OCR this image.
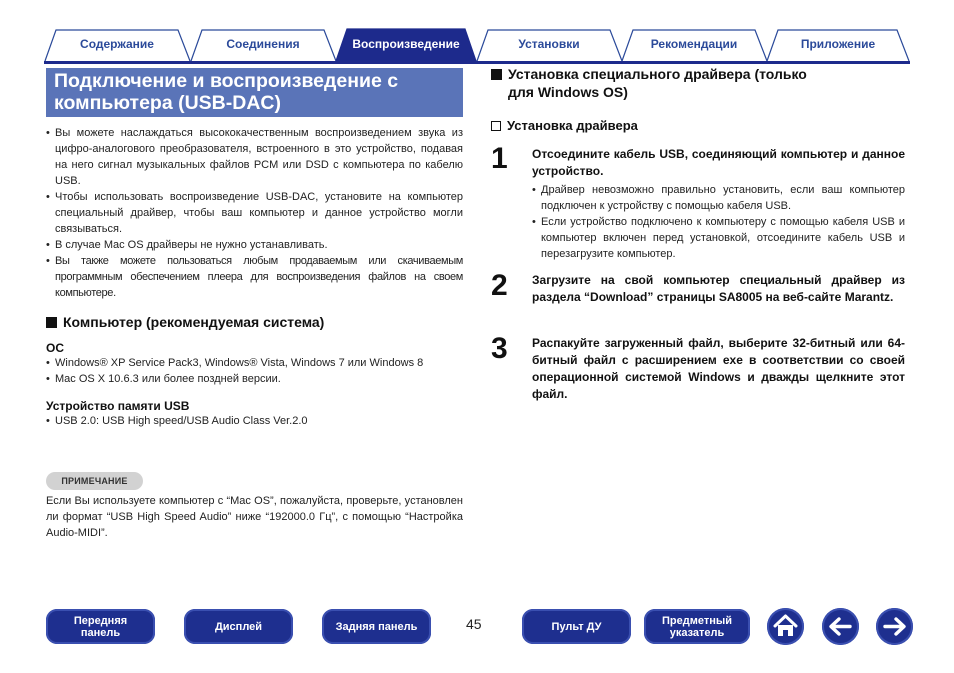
Содержание	Соединения	Воспроизведение	Установки	Рекомендации	Приложение
Подключение и воспроизведение с компьютера (USB-DAC)
• Вы можете наслаждаться высококачественным воспроизведением звука из цифро-аналогового преобразователя, встроенного в это устройство, подавая на него сигнал музыкальных файлов PCM или DSD с компьютера по кабелю USB.
• Чтобы использовать воспроизведение USB-DAC, установите на компьютер специальный драйвер, чтобы ваш компьютер и данное устройство могли связываться.
• В случае Mac OS драйверы не нужно устанавливать.
• Вы также можете пользоваться любым продаваемым или скачиваемым программным обеспечением плеера для воспроизведения файлов на своем компьютере.
Компьютер (рекомендуемая система)
ОС
• Windows® XP Service Pack3, Windows® Vista, Windows 7 или Windows 8
• Mac OS X 10.6.3 или более поздней версии.
Устройство памяти USB
• USB 2.0: USB High speed/USB Audio Class Ver.2.0
ПРИМЕЧАНИЕ
Если Вы используете компьютер с “Mac OS”, пожалуйста, проверьте, установлен ли формат “USB High Speed Audio” ниже “192000.0 Гц”, с помощью “Настройка Audio-MIDI”.
Установка специального драйвера (только для Windows OS)
Установка драйвера
1 Отсоедините кабель USB, соединяющий компьютер и данное устройство.
• Драйвер невозможно правильно установить, если ваш компьютер подключен к устройству с помощью кабеля USB.
• Если устройство подключено к компьютеру с помощью кабеля USB и компьютер включен перед установкой, отсоедините кабель USB и перезагрузите компьютер.
2 Загрузите на свой компьютер специальный драйвер из раздела “Download” страницы SA8005 на веб-сайте Marantz.
3 Распакуйте загруженный файл, выберите 32-битный или 64-битный файл с расширением exe в соответствии со своей операционной системой Windows и дважды щелкните этот файл.
Передняя
панель	Дисплей	Задняя панель	45	Пульт ДУ	Предметный
указатель
